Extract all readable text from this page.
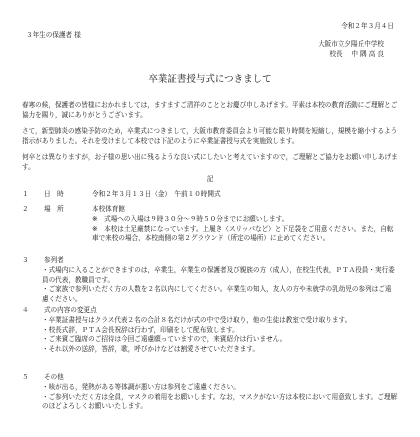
令和２年３月４日
３年生の保護者 様
大阪市立夕陽丘中学校
校長　 中 隅 高 良
卒業証書授与式につきまして
春寒の候，保護者の皆様におかれましては，ますますご清祥のこととお慶び申しあげます。平素は本校の教育活動にご理解とご協力を賜り，誠にありがとうございます。
さて，新型肺炎の感染予防のため，卒業式につきまして，大阪市教育委員会より可能な限り時間を短縮し，規模を縮小するよう指示がありました。それを受けまして本校では下記のように卒業証書授与式を実施致します。
何卒とは異なりますが，お子様の思い出に残るような良い式にしたいと考えていますので，ご理解とご協力をお願い申しあげます。
記
１	日　時	令和２年３月１３日（金）　午前１０時開式
２	場　所	本校体育館
※　式場への入場は９時３０分～９時５０分までにお願いします。
※　本校は土足厳禁になっています。上履き（スリッパなど）と下足袋をご用意ください。また，自転車で来校の場合，本校南側の第２グラウンド（所定の場所）に止めてください。
３	参列者
・式場内に入ることができますのは，卒業生，卒業生の保護者及び親族の方（成人），在校生代表，ＰＴＡ役員・実行委員の代表，教職員です。
・ご家族で参列いただく方の人数を２名以内にしてください。卒業生の知人，友人の方や未就学の乳幼児の参列はご遠慮ください。
４	式の内容の変更点
・卒業証書授与はクラス代表２名の合計８名だけが式の中で受け取り，他の生徒は教室で受け取ります。
・校長式辞，ＰＴＡ会長祝辞は行わず，印刷をして配布致します。
・ご来賓ご臨席のご招待は今回ご遠慮願っていますので，来賓紹介は行いません。
・それ以外の送辞，答辞，歌，呼びかけなどは割愛させていただきます。
５	その他
・咳が出る，発熱がある等体調が悪い方は参列をご遠慮ください。
・ご参列いただく方は全員，マスクの着用をお願いします。なお，マスクがない方は本校において用意致します。ご理解のほどよろしくお願いいたします。
